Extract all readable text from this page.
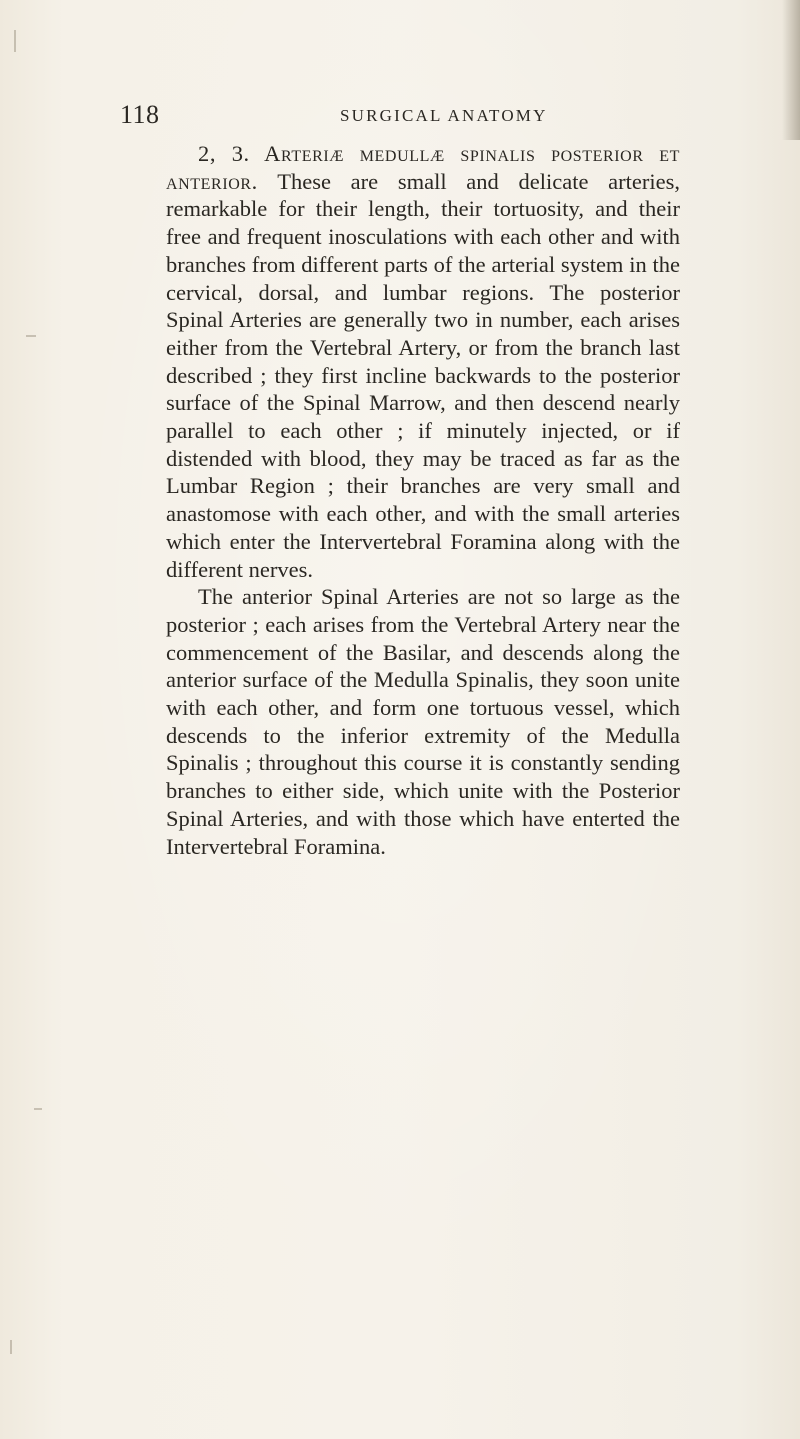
118	SURGICAL ANATOMY

2, 3. Arteriæ medullæ spinalis posterior et anterior. These are small and delicate arteries, remarkable for their length, their tortuosity, and their free and frequent inosculations with each other and with branches from different parts of the arterial system in the cervical, dorsal, and lumbar regions. The posterior Spinal Arteries are generally two in number, each arises either from the Vertebral Artery, or from the branch last described ; they first incline backwards to the posterior surface of the Spinal Marrow, and then descend nearly parallel to each other ; if minutely injected, or if distended with blood, they may be traced as far as the Lumbar Region ; their branches are very small and anastomose with each other, and with the small arteries which enter the Intervertebral Foramina along with the different nerves.

The anterior Spinal Arteries are not so large as the posterior ; each arises from the Vertebral Artery near the commencement of the Basilar, and descends along the anterior surface of the Medulla Spinalis, they soon unite with each other, and form one tortuous vessel, which descends to the inferior extremity of the Medulla Spinalis ; throughout this course it is constantly sending branches to either side, which unite with the Posterior Spinal Arteries, and with those which have enterted the Intervertebral Foramina.
